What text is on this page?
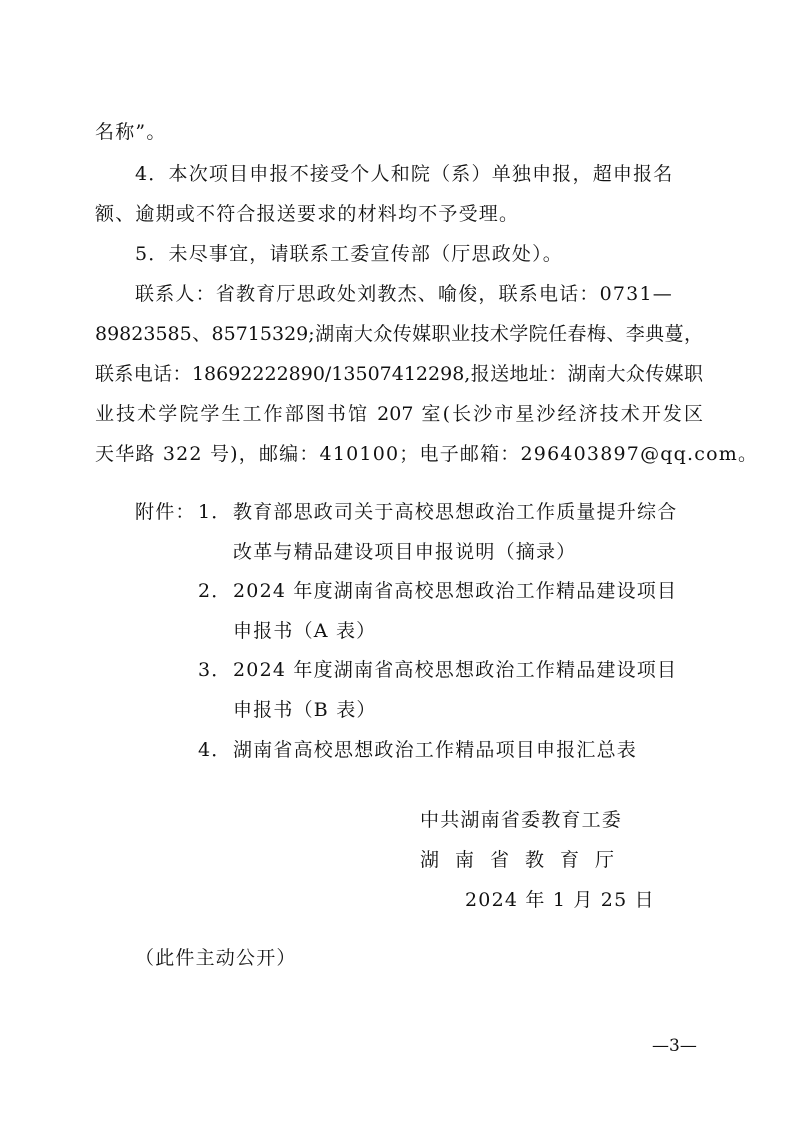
名称”。
4．本次项目申报不接受个人和院（系）单独申报，超申报名
额、逾期或不符合报送要求的材料均不予受理。
5．未尽事宜，请联系工委宣传部（厅思政处）。
联系人：省教育厅思政处刘教杰、喻俊，联系电话：0731—
89823585、85715329;湖南大众传媒职业技术学院任春梅、李典蔓，
联系电话：18692222890/13507412298,报送地址：湖南大众传媒职
业技术学院学生工作部图书馆 207 室(长沙市星沙经济技术开发区
天华路 322 号)，邮编：410100；电子邮箱：296403897@qq.com。
附件： 1． 教育部思政司关于高校思想政治工作质量提升综合
改革与精品建设项目申报说明（摘录）
2． 2024 年度湖南省高校思想政治工作精品建设项目
申报书（A 表）
3． 2024 年度湖南省高校思想政治工作精品建设项目
申报书（B 表）
4． 湖南省高校思想政治工作精品项目申报汇总表
中共湖南省委教育工委
湖南省教育厅
2024 年 1 月 25 日
（此件主动公开）
—3—
